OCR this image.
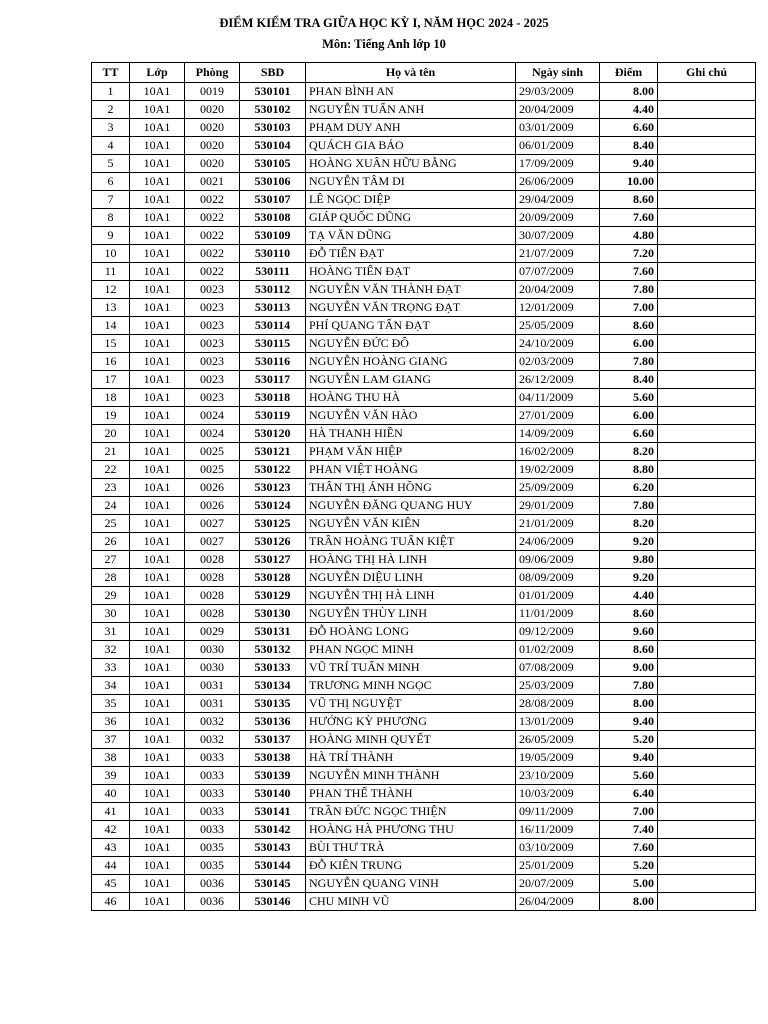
ĐIỂM KIỂM TRA GIỮA HỌC KỲ I, NĂM HỌC 2024 - 2025
Môn: Tiếng Anh lớp 10
TT	Lớp	Phòng	SBD	Họ và tên	Ngày sinh	Điểm	Ghi chú
1	10A1	0019	530101	PHAN BÌNH AN	29/03/2009	8.00	
2	10A1	0020	530102	NGUYỄN TUẤN ANH	20/04/2009	4.40	
3	10A1	0020	530103	PHẠM DUY ANH	03/01/2009	6.60	
4	10A1	0020	530104	QUÁCH GIA BẢO	06/01/2009	8.40	
5	10A1	0020	530105	HOÀNG XUÂN HỮU BẰNG	17/09/2009	9.40	
6	10A1	0021	530106	NGUYỄN TÂM DI	26/06/2009	10.00	
7	10A1	0022	530107	LÊ NGỌC DIỆP	29/04/2009	8.60	
8	10A1	0022	530108	GIÁP QUỐC DŨNG	20/09/2009	7.60	
9	10A1	0022	530109	TẠ VĂN DŨNG	30/07/2009	4.80	
10	10A1	0022	530110	ĐỖ TIẾN ĐẠT	21/07/2009	7.20	
11	10A1	0022	530111	HOÀNG TIẾN ĐẠT	07/07/2009	7.60	
12	10A1	0023	530112	NGUYỄN VĂN THÀNH ĐẠT	20/04/2009	7.80	
13	10A1	0023	530113	NGUYỄN VĂN TRỌNG ĐẠT	12/01/2009	7.00	
14	10A1	0023	530114	PHÍ QUANG TẤN ĐẠT	25/05/2009	8.60	
15	10A1	0023	530115	NGUYỄN ĐỨC ĐÔ	24/10/2009	6.00	
16	10A1	0023	530116	NGUYỄN HOÀNG GIANG	02/03/2009	7.80	
17	10A1	0023	530117	NGUYỄN LAM GIANG	26/12/2009	8.40	
18	10A1	0023	530118	HOÀNG THU HÀ	04/11/2009	5.60	
19	10A1	0024	530119	NGUYỄN VĂN HÀO	27/01/2009	6.00	
20	10A1	0024	530120	HÀ THANH HIỀN	14/09/2009	6.60	
21	10A1	0025	530121	PHẠM VĂN HIỆP	16/02/2009	8.20	
22	10A1	0025	530122	PHAN VIỆT HOÀNG	19/02/2009	8.80	
23	10A1	0026	530123	THÂN THỊ ÁNH HỒNG	25/09/2009	6.20	
24	10A1	0026	530124	NGUYỄN ĐĂNG QUANG HUY	29/01/2009	7.80	
25	10A1	0027	530125	NGUYỄN VĂN KIÊN	21/01/2009	8.20	
26	10A1	0027	530126	TRẦN HOÀNG TUẤN KIỆT	24/06/2009	9.20	
27	10A1	0028	530127	HOÀNG THỊ HÀ LINH	09/06/2009	9.80	
28	10A1	0028	530128	NGUYỄN DIỆU LINH	08/09/2009	9.20	
29	10A1	0028	530129	NGUYỄN THỊ HÀ LINH	01/01/2009	4.40	
30	10A1	0028	530130	NGUYỄN THÙY LINH	11/01/2009	8.60	
31	10A1	0029	530131	ĐỖ HOÀNG LONG	09/12/2009	9.60	
32	10A1	0030	530132	PHAN NGỌC MINH	01/02/2009	8.60	
33	10A1	0030	530133	VŨ TRÍ TUẤN MINH	07/08/2009	9.00	
34	10A1	0031	530134	TRƯƠNG MINH NGỌC	25/03/2009	7.80	
35	10A1	0031	530135	VŨ THỊ NGUYỆT	28/08/2009	8.00	
36	10A1	0032	530136	HƯỚNG KỲ PHƯƠNG	13/01/2009	9.40	
37	10A1	0032	530137	HOÀNG MINH QUYẾT	26/05/2009	5.20	
38	10A1	0033	530138	HÀ TRÍ THÀNH	19/05/2009	9.40	
39	10A1	0033	530139	NGUYỄN MINH THÀNH	23/10/2009	5.60	
40	10A1	0033	530140	PHAN THẾ THÀNH	10/03/2009	6.40	
41	10A1	0033	530141	TRẦN ĐỨC NGỌC THIỆN	09/11/2009	7.00	
42	10A1	0033	530142	HOÀNG HÀ PHƯƠNG THU	16/11/2009	7.40	
43	10A1	0035	530143	BÙI THƯ TRÀ	03/10/2009	7.60	
44	10A1	0035	530144	ĐỖ KIÊN TRUNG	25/01/2009	5.20	
45	10A1	0036	530145	NGUYỄN QUANG VINH	20/07/2009	5.00	
46	10A1	0036	530146	CHU MINH VŨ	26/04/2009	8.00	
